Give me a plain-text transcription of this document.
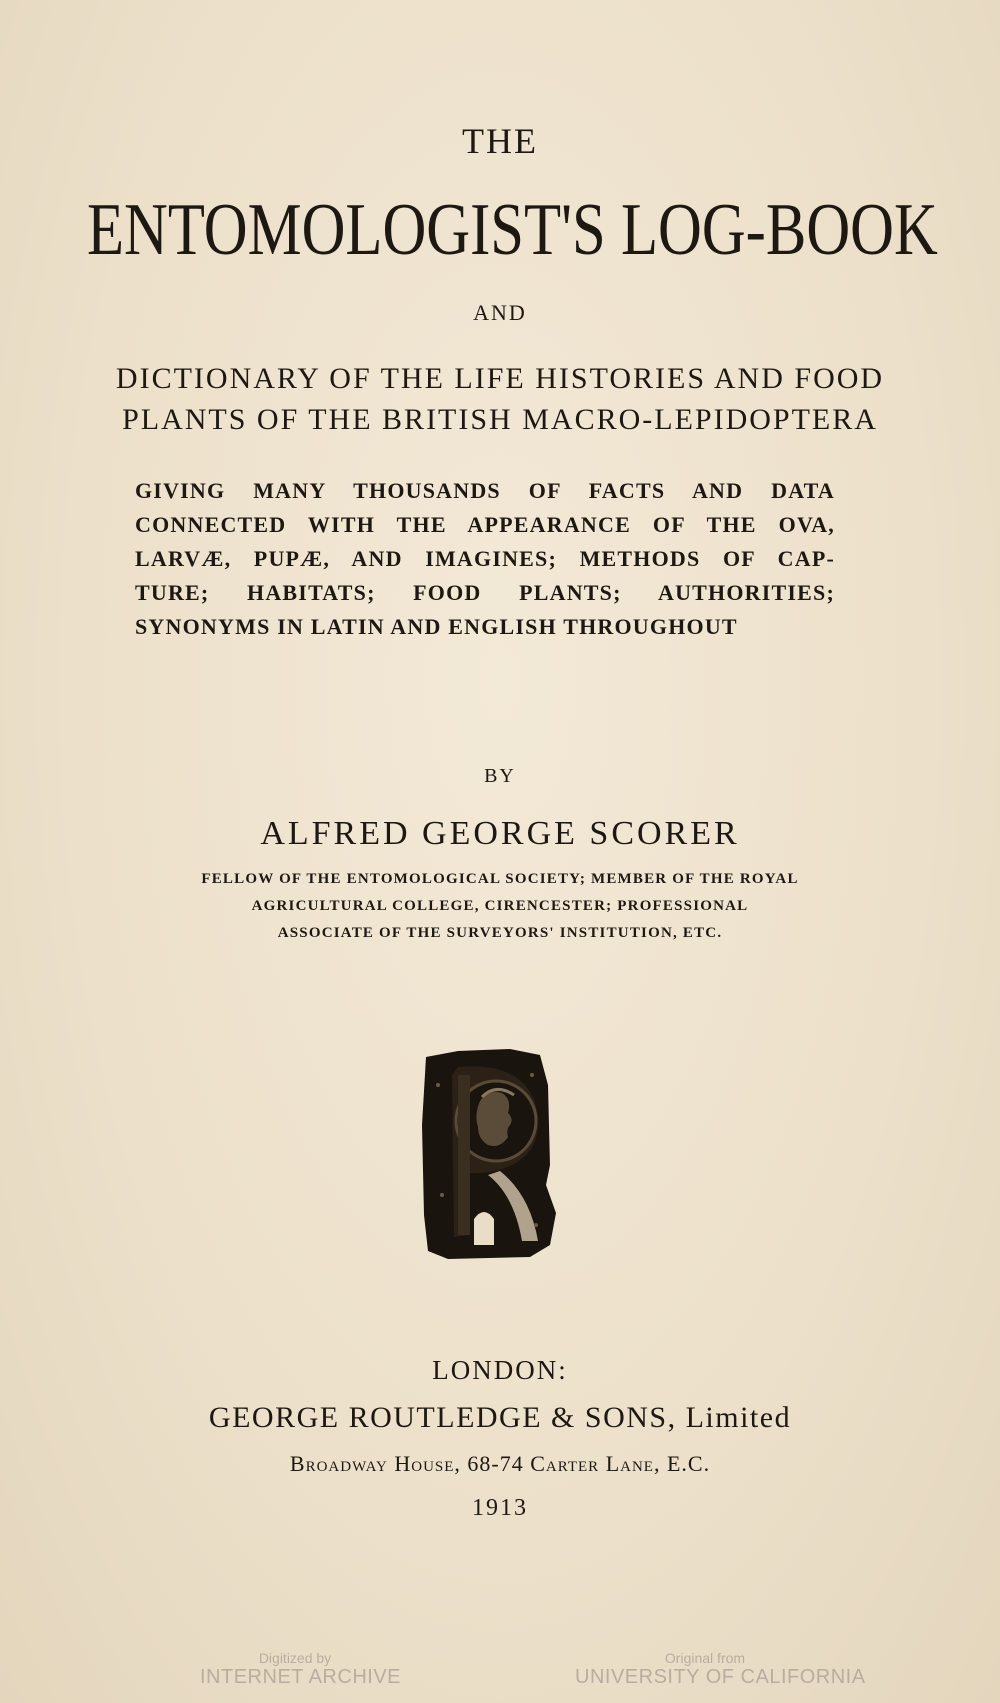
THE
ENTOMOLOGIST'S LOG-BOOK
AND
DICTIONARY OF THE LIFE HISTORIES AND FOOD
PLANTS OF THE BRITISH MACRO-LEPIDOPTERA
GIVING MANY THOUSANDS OF FACTS AND DATA
CONNECTED WITH THE APPEARANCE OF THE OVA,
LARVÆ, PUPÆ, AND IMAGINES; METHODS OF CAP-
TURE; HABITATS; FOOD PLANTS; AUTHORITIES;
SYNONYMS IN LATIN AND ENGLISH THROUGHOUT
BY
ALFRED GEORGE SCORER
FELLOW OF THE ENTOMOLOGICAL SOCIETY; MEMBER OF THE ROYAL
AGRICULTURAL COLLEGE, CIRENCESTER; PROFESSIONAL
ASSOCIATE OF THE SURVEYORS' INSTITUTION, ETC.
LONDON:
GEORGE ROUTLEDGE & SONS, Limited
Broadway House, 68-74 Carter Lane, E.C.
1913
Digitized by
INTERNET ARCHIVE
Original from
UNIVERSITY OF CALIFORNIA
